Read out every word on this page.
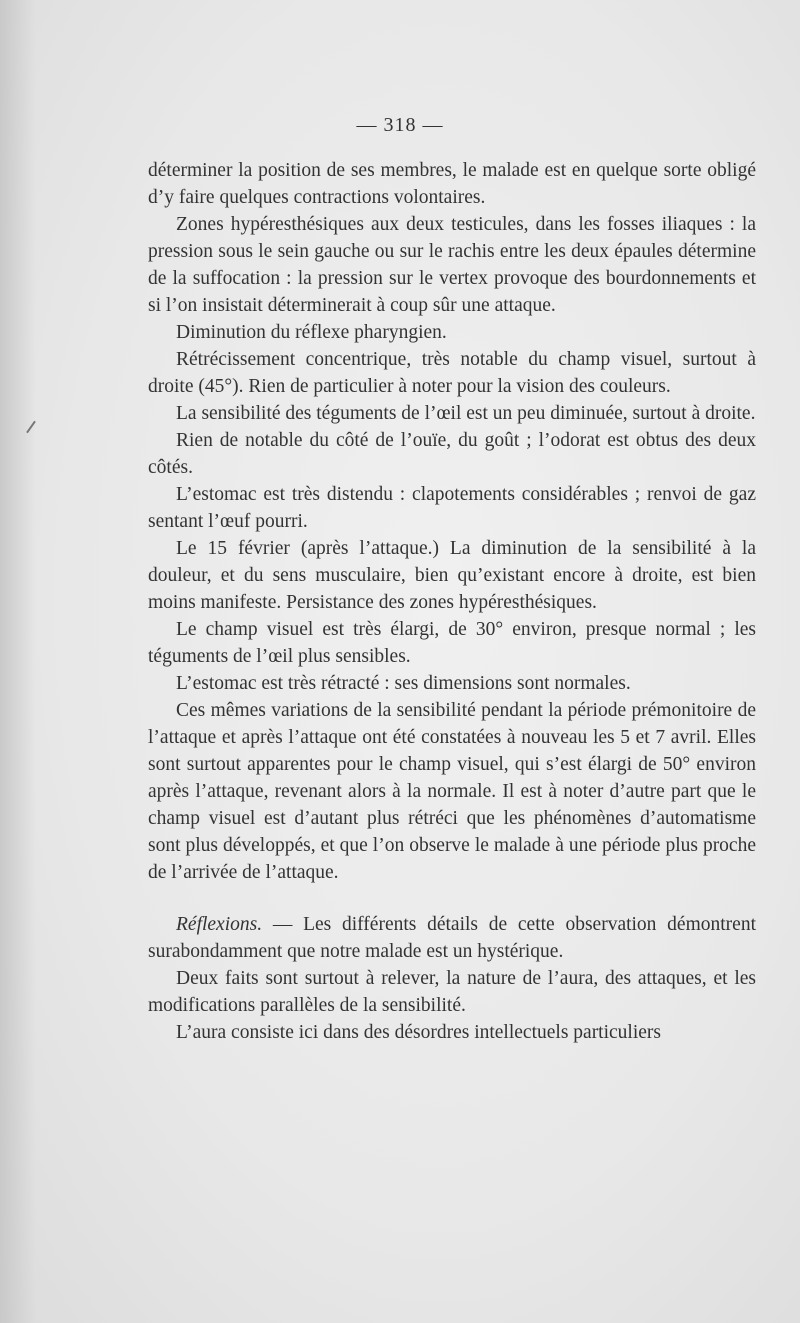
— 318 —

déterminer la position de ses membres, le malade est en quelque sorte obligé d’y faire quelques contractions volontaires.

Zones hypéresthésiques aux deux testicules, dans les fosses iliaques : la pression sous le sein gauche ou sur le rachis entre les deux épaules détermine de la suffocation : la pression sur le vertex provoque des bourdonnements et si l’on insistait déterminerait à coup sûr une attaque.

Diminution du réflexe pharyngien.

Rétrécissement concentrique, très notable du champ visuel, surtout à droite (45°). Rien de particulier à noter pour la vision des couleurs.

La sensibilité des téguments de l’œil est un peu diminuée, surtout à droite.

Rien de notable du côté de l’ouïe, du goût ; l’odorat est obtus des deux côtés.

L’estomac est très distendu : clapotements considérables ; renvoi de gaz sentant l’œuf pourri.

Le 15 février (après l’attaque.) La diminution de la sensibilité à la douleur, et du sens musculaire, bien qu’existant encore à droite, est bien moins manifeste. Persistance des zones hypéresthésiques.

Le champ visuel est très élargi, de 30° environ, presque normal ; les téguments de l’œil plus sensibles.

L’estomac est très rétracté : ses dimensions sont normales.

Ces mêmes variations de la sensibilité pendant la période prémonitoire de l’attaque et après l’attaque ont été constatées à nouveau les 5 et 7 avril. Elles sont surtout apparentes pour le champ visuel, qui s’est élargi de 50° environ après l’attaque, revenant alors à la normale. Il est à noter d’autre part que le champ visuel est d’autant plus rétréci que les phénomènes d’automatisme sont plus développés, et que l’on observe le malade à une période plus proche de l’arrivée de l’attaque.

Réflexions. — Les différents détails de cette observation démontrent surabondamment que notre malade est un hystérique.

Deux faits sont surtout à relever, la nature de l’aura, des attaques, et les modifications parallèles de la sensibilité.

L’aura consiste ici dans des désordres intellectuels particuliers
